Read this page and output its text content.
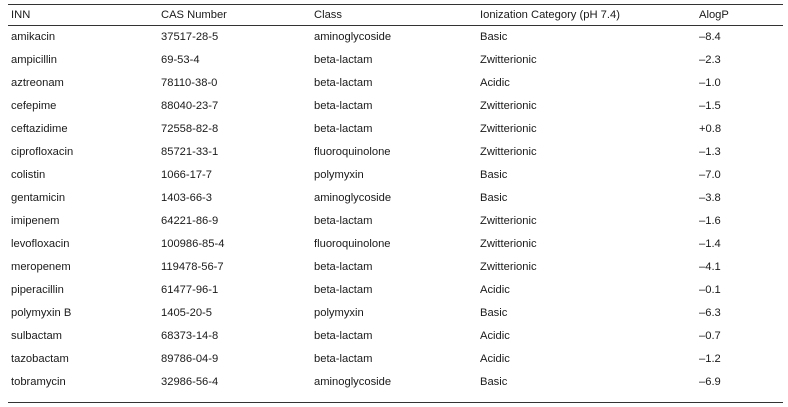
INN	CAS Number	Class	Ionization Category (pH 7.4)	AlogP
amikacin	37517-28-5	aminoglycoside	Basic	–8.4
ampicillin	69-53-4	beta-lactam	Zwitterionic	–2.3
aztreonam	78110-38-0	beta-lactam	Acidic	–1.0
cefepime	88040-23-7	beta-lactam	Zwitterionic	–1.5
ceftazidime	72558-82-8	beta-lactam	Zwitterionic	+0.8
ciprofloxacin	85721-33-1	fluoroquinolone	Zwitterionic	–1.3
colistin	1066-17-7	polymyxin	Basic	–7.0
gentamicin	1403-66-3	aminoglycoside	Basic	–3.8
imipenem	64221-86-9	beta-lactam	Zwitterionic	–1.6
levofloxacin	100986-85-4	fluoroquinolone	Zwitterionic	–1.4
meropenem	119478-56-7	beta-lactam	Zwitterionic	–4.1
piperacillin	61477-96-1	beta-lactam	Acidic	–0.1
polymyxin B	1405-20-5	polymyxin	Basic	–6.3
sulbactam	68373-14-8	beta-lactam	Acidic	–0.7
tazobactam	89786-04-9	beta-lactam	Acidic	–1.2
tobramycin	32986-56-4	aminoglycoside	Basic	–6.9
